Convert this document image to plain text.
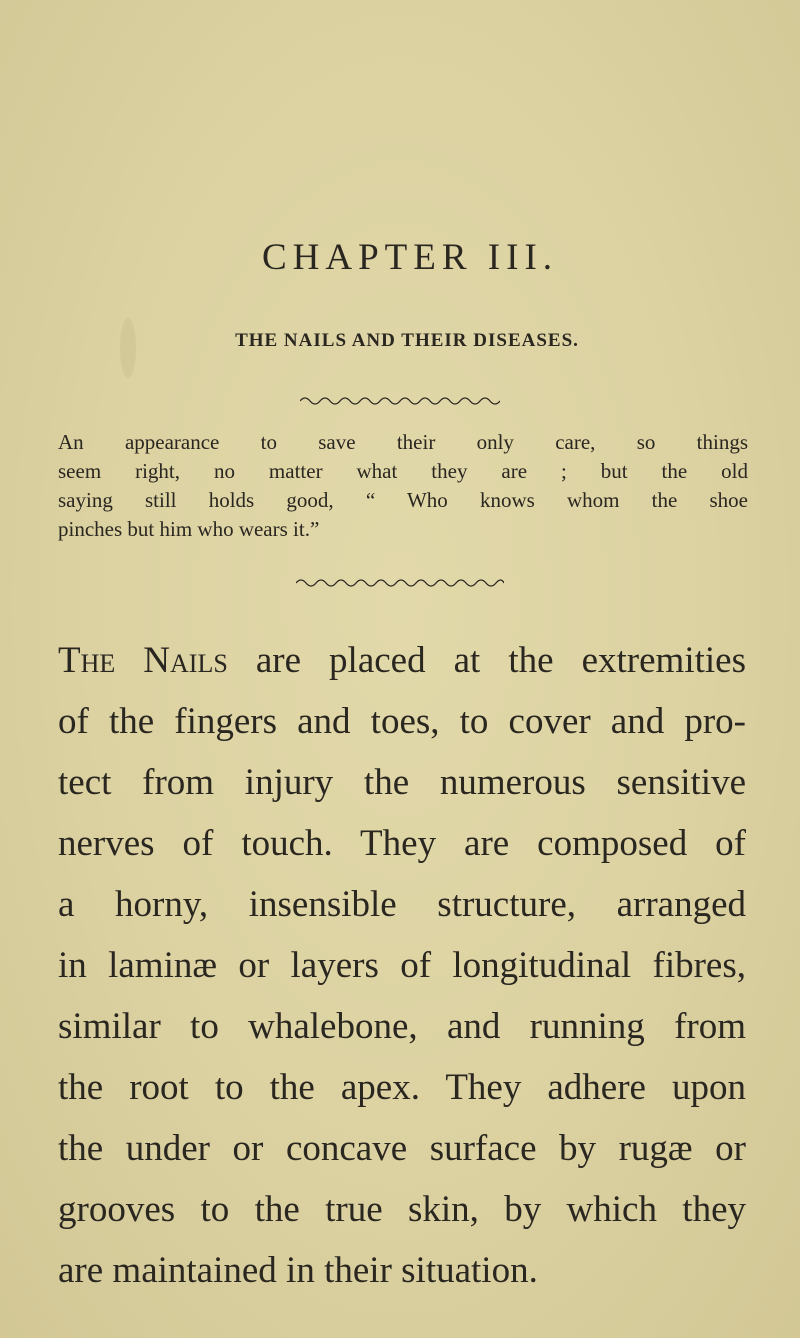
CHAPTER III.
THE NAILS AND THEIR DISEASES.
An appearance to save their only care, so things
seem right, no matter what they are ; but the old
saying still holds good, “ Who knows whom the shoe
pinches but him who wears it.”
The Nails are placed at the extremities
of the fingers and toes, to cover and pro-
tect from injury the numerous sensitive
nerves of touch. They are composed of
a horny, insensible structure, arranged
in laminæ or layers of longitudinal fibres,
similar to whalebone, and running from
the root to the apex. They adhere upon
the under or concave surface by rugæ or
grooves to the true skin, by which they
are maintained in their situation.
